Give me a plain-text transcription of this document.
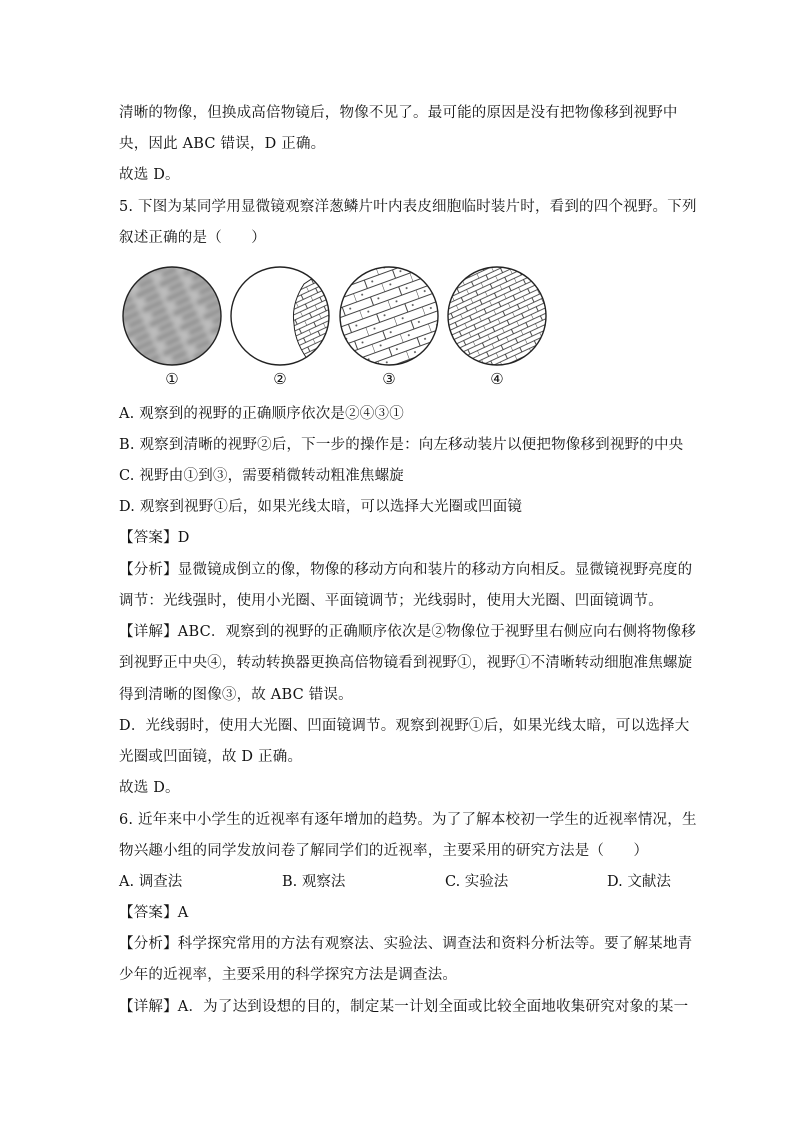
清晰的物像，但换成高倍物镜后，物像不见了。最可能的原因是没有把物像移到视野中
央，因此 ABC 错误，D 正确。
故选 D。
5. 下图为某同学用显微镜观察洋葱鳞片叶内表皮细胞临时装片时，看到的四个视野。下列
叙述正确的是（　　）
①	②	③	④
A. 观察到的视野的正确顺序依次是②④③①
B. 观察到清晰的视野②后，下一步的操作是：向左移动装片以便把物像移到视野的中央
C. 视野由①到③，需要稍微转动粗准焦螺旋
D. 观察到视野①后，如果光线太暗，可以选择大光圈或凹面镜
【答案】D
【分析】显微镜成倒立的像，物像的移动方向和装片的移动方向相反。显微镜视野亮度的
调节：光线强时，使用小光圈、平面镜调节；光线弱时，使用大光圈、凹面镜调节。
【详解】ABC．观察到的视野的正确顺序依次是②物像位于视野里右侧应向右侧将物像移
到视野正中央④，转动转换器更换高倍物镜看到视野①，视野①不清晰转动细胞准焦螺旋
得到清晰的图像③，故 ABC 错误。
D．光线弱时，使用大光圈、凹面镜调节。观察到视野①后，如果光线太暗，可以选择大
光圈或凹面镜，故 D 正确。
故选 D。
6. 近年来中小学生的近视率有逐年增加的趋势。为了了解本校初一学生的近视率情况，生
物兴趣小组的同学发放问卷了解同学们的近视率，主要采用的研究方法是（　　）
A. 调查法	B. 观察法	C. 实验法	D. 文献法
【答案】A
【分析】科学探究常用的方法有观察法、实验法、调查法和资料分析法等。要了解某地青
少年的近视率，主要采用的科学探究方法是调查法。
【详解】A．为了达到设想的目的，制定某一计划全面或比较全面地收集研究对象的某一
